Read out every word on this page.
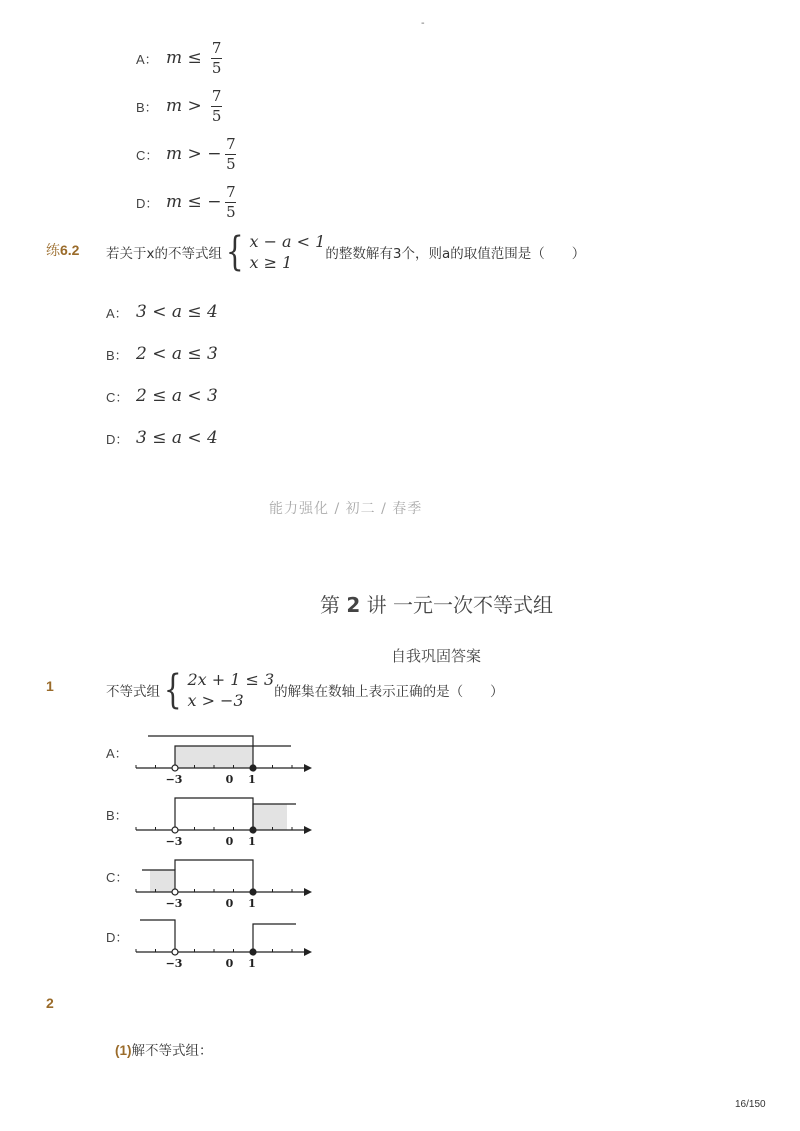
-
A： $m \le \frac{7}{5}$
B： $m > \frac{7}{5}$
C： m > − $\frac{7}{5}$
D： m ≤ − $\frac{7}{5}$
练6.2 若关于x的不等式组 { x − a < 1
x ≥ 1	的整数解有3个，则a的取值范围是（　　）
A： 3 < a ≤ 4
B： 2 < a ≤ 3
C： 2 ≤ a < 3
D： 3 ≤ a < 4
能力强化 / 初二 / 春季
第 2 讲 一元一次不等式组
自我巩固答案
1	不等式组 { 2x + 1 ≤ 3
x > −3	的解集在数轴上表示正确的是（　　）
A：
B：
C：
D：
−3	0 1
−3	0 1
−3	0 1
−3	0 1
2
(1)解不等式组：
16/150
